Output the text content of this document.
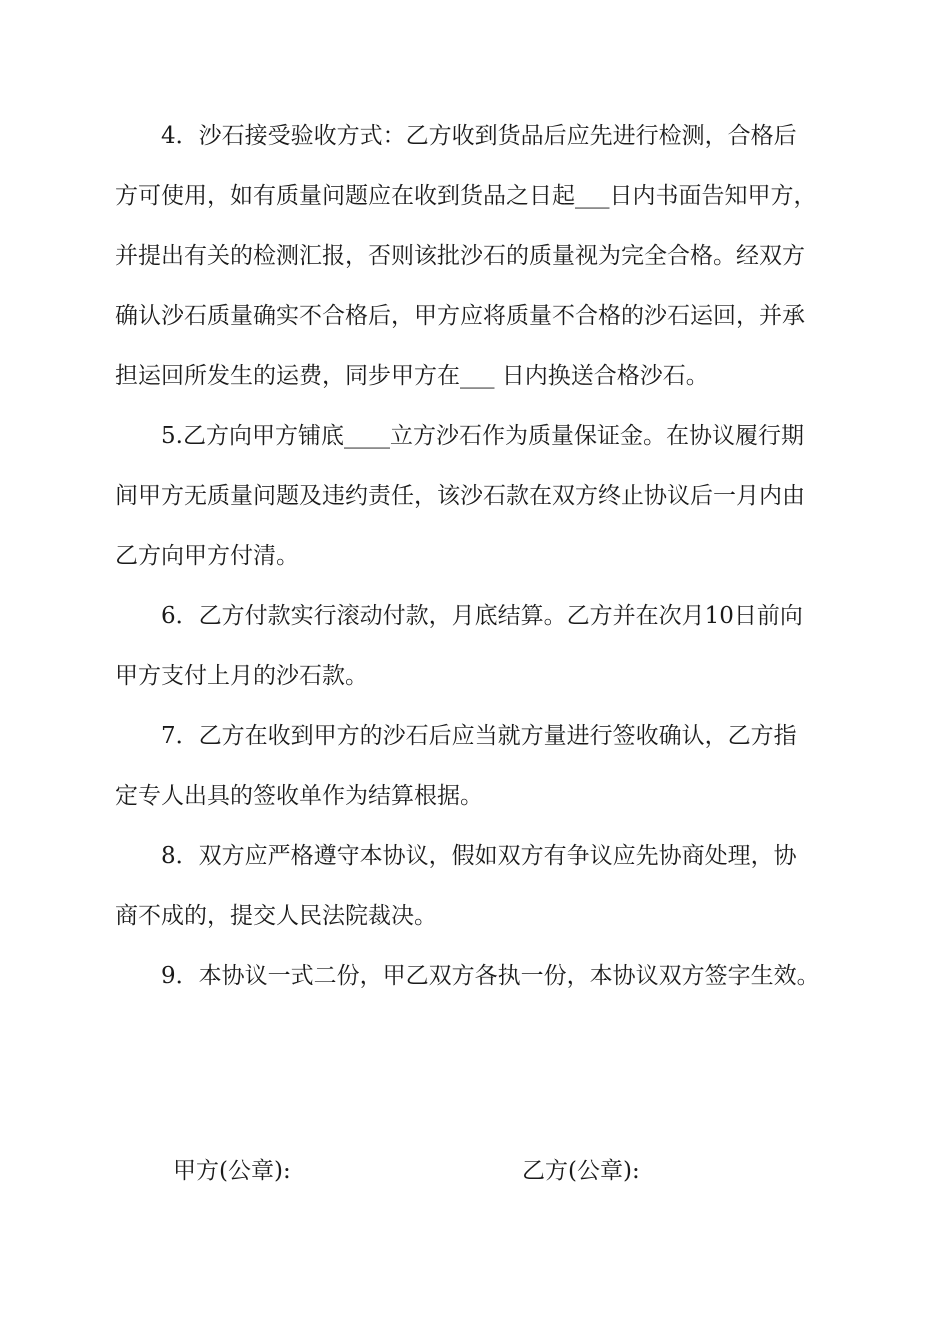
4．沙石接受验收方式：乙方收到货品后应先进行检测，合格后
方可使用，如有质量问题应在收到货品之日起___日内书面告知甲方，
并提出有关的检测汇报，否则该批沙石的质量视为完全合格。经双方
确认沙石质量确实不合格后，甲方应将质量不合格的沙石运回，并承
担运回所发生的运费，同步甲方在___ 日内换送合格沙石。
5.乙方向甲方铺底____立方沙石作为质量保证金。在协议履行期
间甲方无质量问题及违约责任，该沙石款在双方终止协议后一月内由
乙方向甲方付清。
6．乙方付款实行滚动付款，月底结算。乙方并在次月10日前向
甲方支付上月的沙石款。
7．乙方在收到甲方的沙石后应当就方量进行签收确认，乙方指
定专人出具的签收单作为结算根据。
8．双方应严格遵守本协议，假如双方有争议应先协商处理，协
商不成的，提交人民法院裁决。
9．本协议一式二份，甲乙双方各执一份，本协议双方签字生效。
甲方(公章):	乙方(公章):
